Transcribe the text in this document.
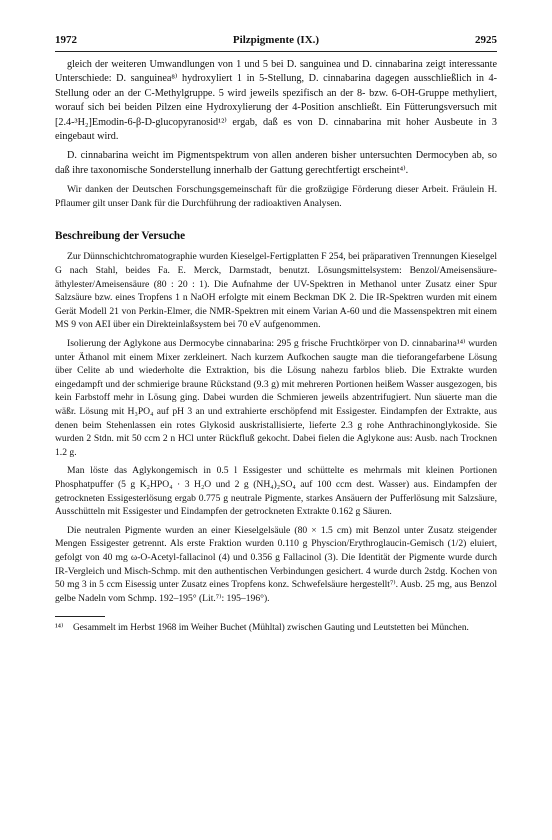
1972	Pilzpigmente (IX.)	2925

gleich der weiteren Umwandlungen von 1 und 5 bei D. sanguinea und D. cinnabarina zeigt interessante Unterschiede: D. sanguinea⁸⁾ hydroxyliert 1 in 5-Stellung, D. cinnabarina dagegen ausschließlich in 4-Stellung oder an der C-Methylgruppe. 5 wird jeweils spezifisch an der 8- bzw. 6-OH-Gruppe methyliert, worauf sich bei beiden Pilzen eine Hydroxylierung der 4-Position anschließt. Ein Fütterungsversuch mit [2.4-³H₂]Emodin-6-β-D-glucopyranosid¹²⁾ ergab, daß es von D. cinnabarina mit hoher Ausbeute in 3 eingebaut wird.

D. cinnabarina weicht im Pigmentspektrum von allen anderen bisher untersuchten Dermocyben ab, so daß ihre taxonomische Sonderstellung innerhalb der Gattung gerechtfertigt erscheint⁴⁾.

Wir danken der Deutschen Forschungsgemeinschaft für die großzügige Förderung dieser Arbeit. Fräulein H. Pflaumer gilt unser Dank für die Durchführung der radioaktiven Analysen.

Beschreibung der Versuche

Zur Dünnschichtchromatographie wurden Kieselgel-Fertigplatten F 254, bei präparativen Trennungen Kieselgel G nach Stahl, beides Fa. E. Merck, Darmstadt, benutzt. Lösungsmittelsystem: Benzol/Ameisensäure-äthylester/Ameisensäure (80 : 20 : 1). Die Aufnahme der UV-Spektren in Methanol unter Zusatz einer Spur Salzsäure bzw. eines Tropfens 1 n NaOH erfolgte mit einem Beckman DK 2. Die IR-Spektren wurden mit einem Gerät Modell 21 von Perkin-Elmer, die NMR-Spektren mit einem Varian A-60 und die Massenspektren mit einem MS 9 von AEI über ein Direkteinlaßsystem bei 70 eV aufgenommen.

Isolierung der Aglykone aus Dermocybe cinnabarina: 295 g frische Fruchtkörper von D. cinnabarina¹⁴⁾ wurden unter Äthanol mit einem Mixer zerkleinert. Nach kurzem Aufkochen saugte man die tieforangefarbene Lösung über Celite ab und wiederholte die Extraktion, bis die Lösung nahezu farblos blieb. Die Extrakte wurden eingedampft und der schmierige braune Rückstand (9.3 g) mit mehreren Portionen heißem Wasser ausgezogen, bis kein Farbstoff mehr in Lösung ging. Dabei wurden die Schmieren jeweils abzentrifugiert. Nun säuerte man die wäßr. Lösung mit H₃PO₄ auf pH 3 an und extrahierte erschöpfend mit Essigester. Eindampfen der Extrakte, aus denen beim Stehenlassen ein rotes Glykosid auskristallisierte, lieferte 2.3 g rohe Anthrachinonglykoside. Sie wurden 2 Stdn. mit 50 ccm 2 n HCl unter Rückfluß gekocht. Dabei fielen die Aglykone aus: Ausb. nach Trocknen 1.2 g.

Man löste das Aglykongemisch in 0.5 l Essigester und schüttelte es mehrmals mit kleinen Portionen Phosphatpuffer (5 g K₂HPO₄ · 3 H₂O und 2 g (NH₄)₂SO₄ auf 100 ccm dest. Wasser) aus. Eindampfen der getrockneten Essigesterlösung ergab 0.775 g neutrale Pigmente, starkes Ansäuern der Pufferlösung mit Salzsäure, Ausschütteln mit Essigester und Eindampfen der getrockneten Extrakte 0.162 g Säuren.

Die neutralen Pigmente wurden an einer Kieselgelsäule (80 × 1.5 cm) mit Benzol unter Zusatz steigender Mengen Essigester getrennt. Als erste Fraktion wurden 0.110 g Physcion/Erythroglaucin-Gemisch (1/2) eluiert, gefolgt von 40 mg ω-O-Acetyl-fallacinol (4) und 0.356 g Fallacinol (3). Die Identität der Pigmente wurde durch IR-Vergleich und Misch-Schmp. mit den authentischen Verbindungen gesichert. 4 wurde durch 2stdg. Kochen von 50 mg 3 in 5 ccm Eisessig unter Zusatz eines Tropfens konz. Schwefelsäure hergestellt⁷⁾. Ausb. 25 mg, aus Benzol gelbe Nadeln vom Schmp. 192–195° (Lit.⁷⁾: 195–196°).

¹⁴⁾	Gesammelt im Herbst 1968 im Weiher Buchet (Mühltal) zwischen Gauting und Leutstetten bei München.
